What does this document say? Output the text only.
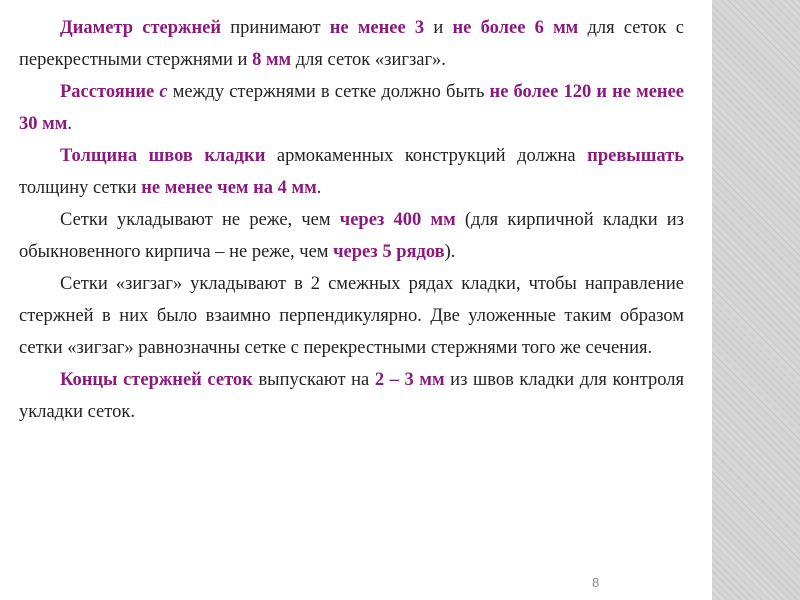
Диаметр стержней принимают не менее 3 и не более 6 мм для сеток с перекрестными стержнями и 8 мм для сеток «зигзаг».

Расстояние с между стержнями в сетке должно быть не более 120 и не менее 30 мм.

Толщина швов кладки армокаменных конструкций должна превышать толщину сетки не менее чем на 4 мм.

Сетки укладывают не реже, чем через 400 мм (для кирпичной кладки из обыкновенного кирпича – не реже, чем через 5 рядов).

Сетки «зигзаг» укладывают в 2 смежных рядах кладки, чтобы направление стержней в них было взаимно перпендикулярно. Две уложенные таким образом сетки «зигзаг» равнозначны сетке с перекрестными стержнями того же сечения.

Концы стержней сеток выпускают на 2 – 3 мм из швов кладки для контроля укладки сеток.

8
